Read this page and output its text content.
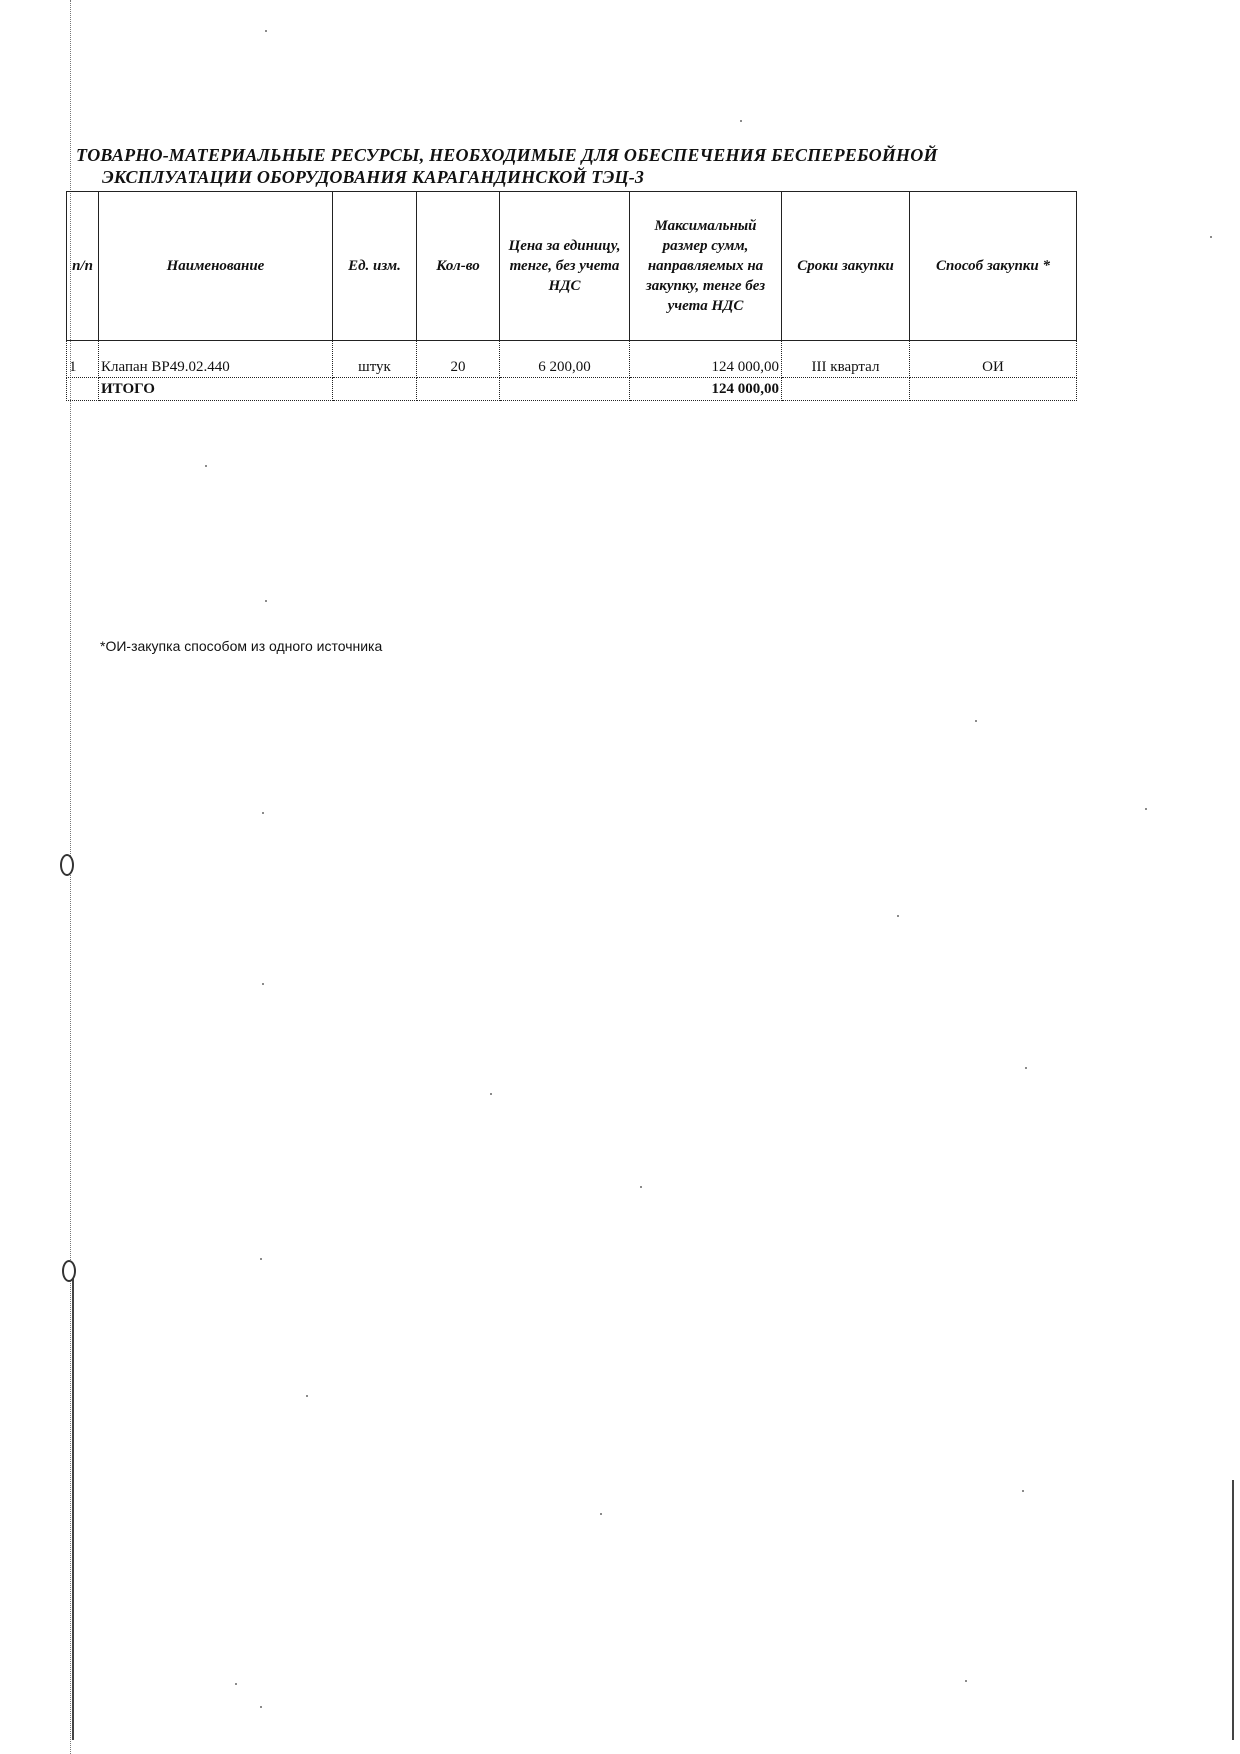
ТОВАРНО-МАТЕРИАЛЬНЫЕ РЕСУРСЫ, НЕОБХОДИМЫЕ ДЛЯ ОБЕСПЕЧЕНИЯ БЕСПЕРЕБОЙНОЙ
ЭКСПЛУАТАЦИИ ОБОРУДОВАНИЯ КАРАГАНДИНСКОЙ ТЭЦ-3
п/п	Наименование	Ед. изм.	Кол-во	Цена за единицу, тенге, без учета НДС	Максимальный размер сумм, направляемых на закупку, тенге без учета НДС	Сроки закупки	Способ закупки *
1	Клапан ВР49.02.440	штук	20	6 200,00	124 000,00	III квартал	ОИ
	ИТОГО				124 000,00		
*ОИ-закупка способом из одного источника
